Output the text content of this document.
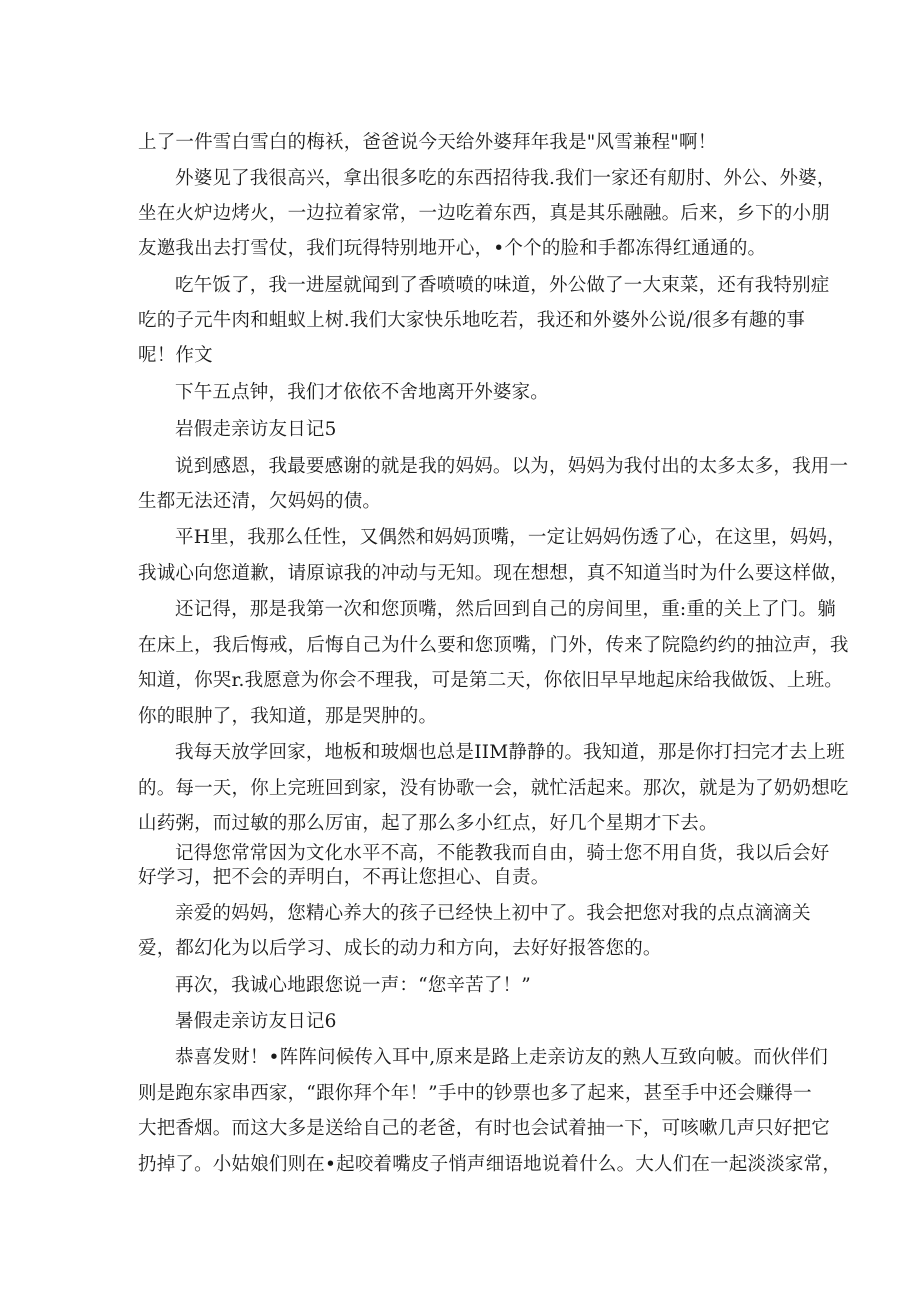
上了一件雪白雪白的梅袄，爸爸说今天给外婆拜年我是"风雪兼程"啊！
外婆见了我很高兴，拿出很多吃的东西招待我.我们一家还有舠肘、外公、外婆，
坐在火炉边烤火，一边拉着家常，一边吃着东西，真是其乐融融。后来，乡下的小朋
友邀我出去打雪仗，我们玩得特别地开心，•个个的脸和手都冻得红通通的。
吃午饭了，我一进屋就闻到了香喷喷的味道，外公做了一大束菜，还有我特别症
吃的子元牛肉和蛆蚁上树.我们大家快乐地吃若，我还和外婆外公说/很多有趣的事
呢！作文
下午五点钟，我们才依依不舍地离开外婆家。
岩假走亲访友日记5
说到感恩，我最要感谢的就是我的妈妈。以为，妈妈为我付出的太多太多，我用一
生都无法还清，欠妈妈的债。
平H里，我那么任性，又偶然和妈妈顶嘴，一定让妈妈伤透了心，在这里，妈妈，
我诚心向您道歉，请原谅我的冲动与无知。现在想想，真不知道当时为什么要这样做，
还记得，那是我第一次和您顶嘴，然后回到自己的房间里，重:重的关上了门。躺
在床上，我后悔戒，后悔自己为什么要和您顶嘴，门外，传来了院隐约约的抽泣声，我
知道，你哭r.我愿意为你会不理我，可是第二天，你依旧早早地起床给我做饭、上班。
你的眼肿了，我知道，那是哭肿的。
我每天放学回家，地板和玻烟也总是IIM静静的。我知道，那是你打扫完才去上班
的。每一天，你上完班回到家，没有协歌一会，就忙活起来。那次，就是为了奶奶想吃
山药粥，而过敏的那么厉宙，起了那么多小红点，好几个星期才下去。
记得您常常因为文化水平不高，不能教我而自由，骑士您不用自货，我以后会好
好学习，把不会的弄明白，不再让您担心、自责。
亲爱的妈妈，您精心养大的孩子已经快上初中了。我会把您对我的点点滴滴关
爱，都幻化为以后学习、成长的动力和方向，去好好报答您的。
再次，我诚心地跟您说一声：“您辛苦了！”
暑假走亲访友日记6
恭喜发财！•阵阵问候传入耳中,原来是路上走亲访友的熟人互致向帔。而伙伴们
则是跑东家串西家，“跟你拜个年！”手中的钞票也多了起来，甚至手中还会赚得一
大把香烟。而这大多是送给自己的老爸，有时也会试着抽一下，可咳嗽几声只好把它
扔掉了。小姑娘们则在•起咬着嘴皮子悄声细语地说着什么。大人们在一起淡淡家常，
